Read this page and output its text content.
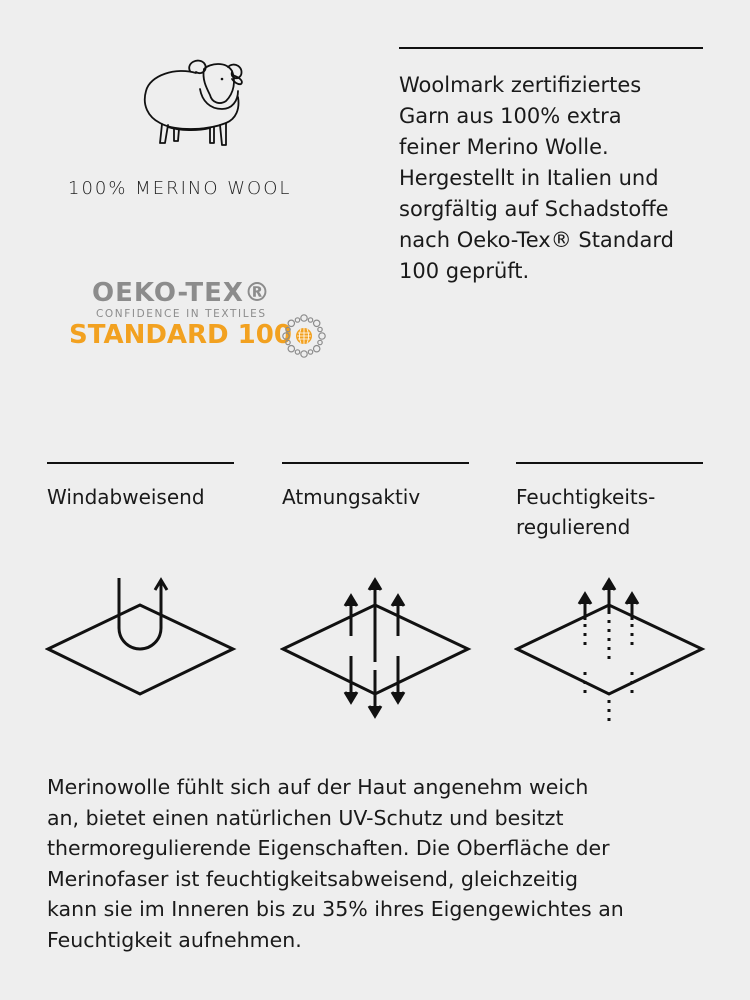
100% MERINO WOOL
OEKO-TEX®
CONFIDENCE IN TEXTILES
STANDARD 100
Woolmark zertifiziertes
Garn aus 100% extra
feiner Merino Wolle.
Hergestellt in Italien und
sorgfältig auf Schadstoffe
nach Oeko-Tex® Standard
100 geprüft.
Windabweisend	Atmungsaktiv	Feuchtigkeits-
regulierend
Merinowolle fühlt sich auf der Haut angenehm weich
an, bietet einen natürlichen UV-Schutz und besitzt
thermoregulierende Eigenschaften. Die Oberfläche der
Merinofaser ist feuchtigkeitsabweisend, gleichzeitig
kann sie im Inneren bis zu 35% ihres Eigengewichtes an
Feuchtigkeit aufnehmen.
